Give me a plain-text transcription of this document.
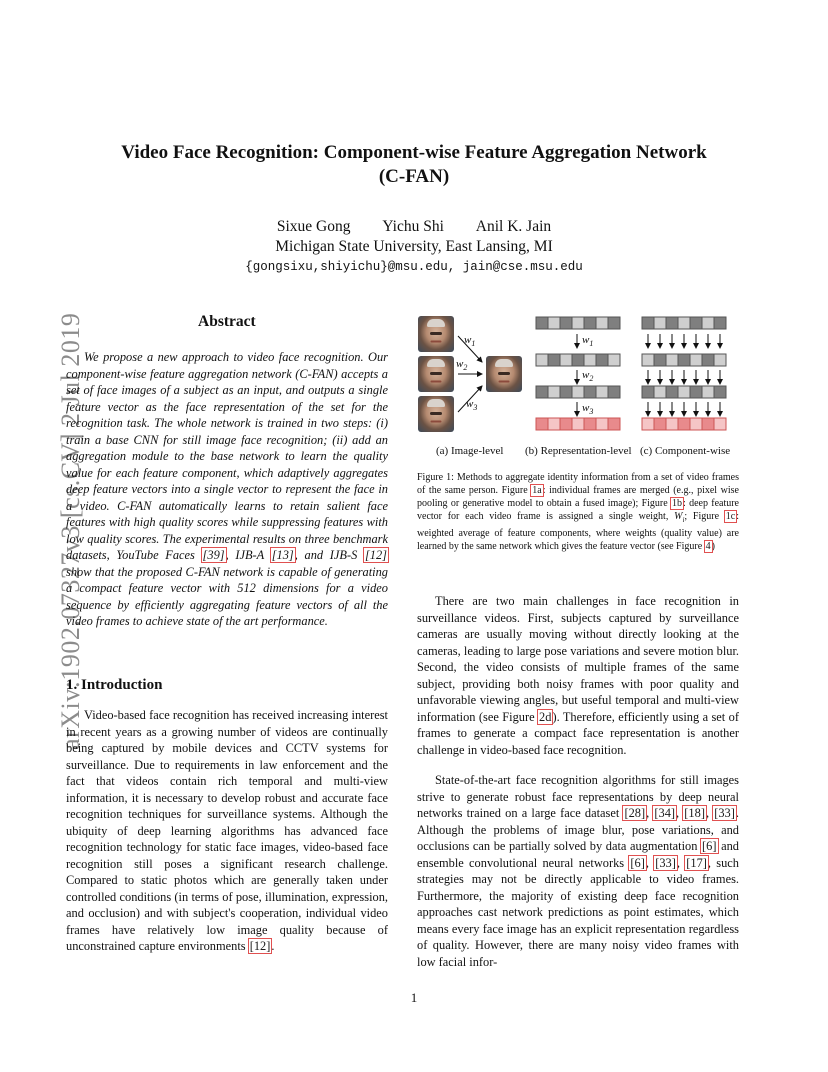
Video Face Recognition: Component-wise Feature Aggregation Network
(C-FAN)
Sixue Gong Yichu Shi Anil K. Jain
Michigan State University, East Lansing, MI
{gongsixu,shiyichu}@msu.edu, jain@cse.msu.edu
arXiv:1902.07327v3 [cs.CV] 2 Jul 2019	Abstract
We propose a new approach to video face recognition. Our component-wise feature aggregation network (C-FAN) accepts a set of face images of a subject as an input, and outputs a single feature vector as the face representation of the set for the recognition task. The whole network is trained in two steps: (i) train a base CNN for still image face recognition; (ii) add an aggregation module to the base network to learn the quality value for each feature component, which adaptively aggregates deep feature vectors into a single vector to represent the face in a video. C-FAN automatically learns to retain salient face features with high quality scores while suppressing features with low quality scores. The experimental results on three benchmark datasets, YouTube Faces [39], IJB-A [13], and IJB-S [12] show that the proposed C-FAN network is capable of generating a compact feature vector with 512 dimensions for a video sequence by efficiently aggregating feature vectors of all the video frames to achieve state of the art performance.
1. Introduction
Video-based face recognition has received increasing interest in recent years as a growing number of videos are continually being captured by mobile devices and CCTV systems for surveillance. Due to requirements in law enforcement and the fact that videos contain rich temporal and multi-view information, it is necessary to develop robust and accurate face recognition techniques for surveillance systems. Although the ubiquity of deep learning algorithms has advanced face recognition technology for static face images, video-based face recognition still poses a significant research challenge. Compared to static photos which are generally taken under controlled conditions (in terms of pose, illumination, expression, and occlusion) and with subject's cooperation, individual video frames have relatively low image quality because of unconstrained capture environments [12].
$w_1$
$w_2$
$w_3$
$w_1$
$w_2$
$w_3$
(a) Image-level (b) Representation-level (c) Component-wise
Figure 1: Methods to aggregate identity information from a set of video frames of the same person. Figure 1a: individual frames are merged (e.g., pixel wise pooling or generative model to obtain a fused image); Figure 1b: deep feature vector for each video frame is assigned a single weight, $W_i$; Figure 1c: weighted average of feature components, where weights (quality value) are learned by the same network which gives the feature vector (see Figure 4)
There are two main challenges in face recognition in surveillance videos. First, subjects captured by surveillance cameras are usually moving without directly looking at the cameras, leading to large pose variations and severe motion blur. Second, the video consists of multiple frames of the same subject, providing both noisy frames with poor quality and unfavorable viewing angles, but useful temporal and multi-view information (see Figure 2d). Therefore, efficiently using a set of frames to generate a compact face representation is another challenge in video-based face recognition.
State-of-the-art face recognition algorithms for still images strive to generate robust face representations by deep neural networks trained on a large face dataset [28], [34], [18], [33]. Although the problems of image blur, pose variations, and occlusions can be partially solved by data augmentation [6] and ensemble convolutional neural networks [6], [33], [17], such strategies may not be directly applicable to video frames. Furthermore, the majority of existing deep face recognition approaches cast network predictions as point estimates, which means every face image has an explicit representation regardless of quality. However, there are many noisy video frames with low facial infor-
1
